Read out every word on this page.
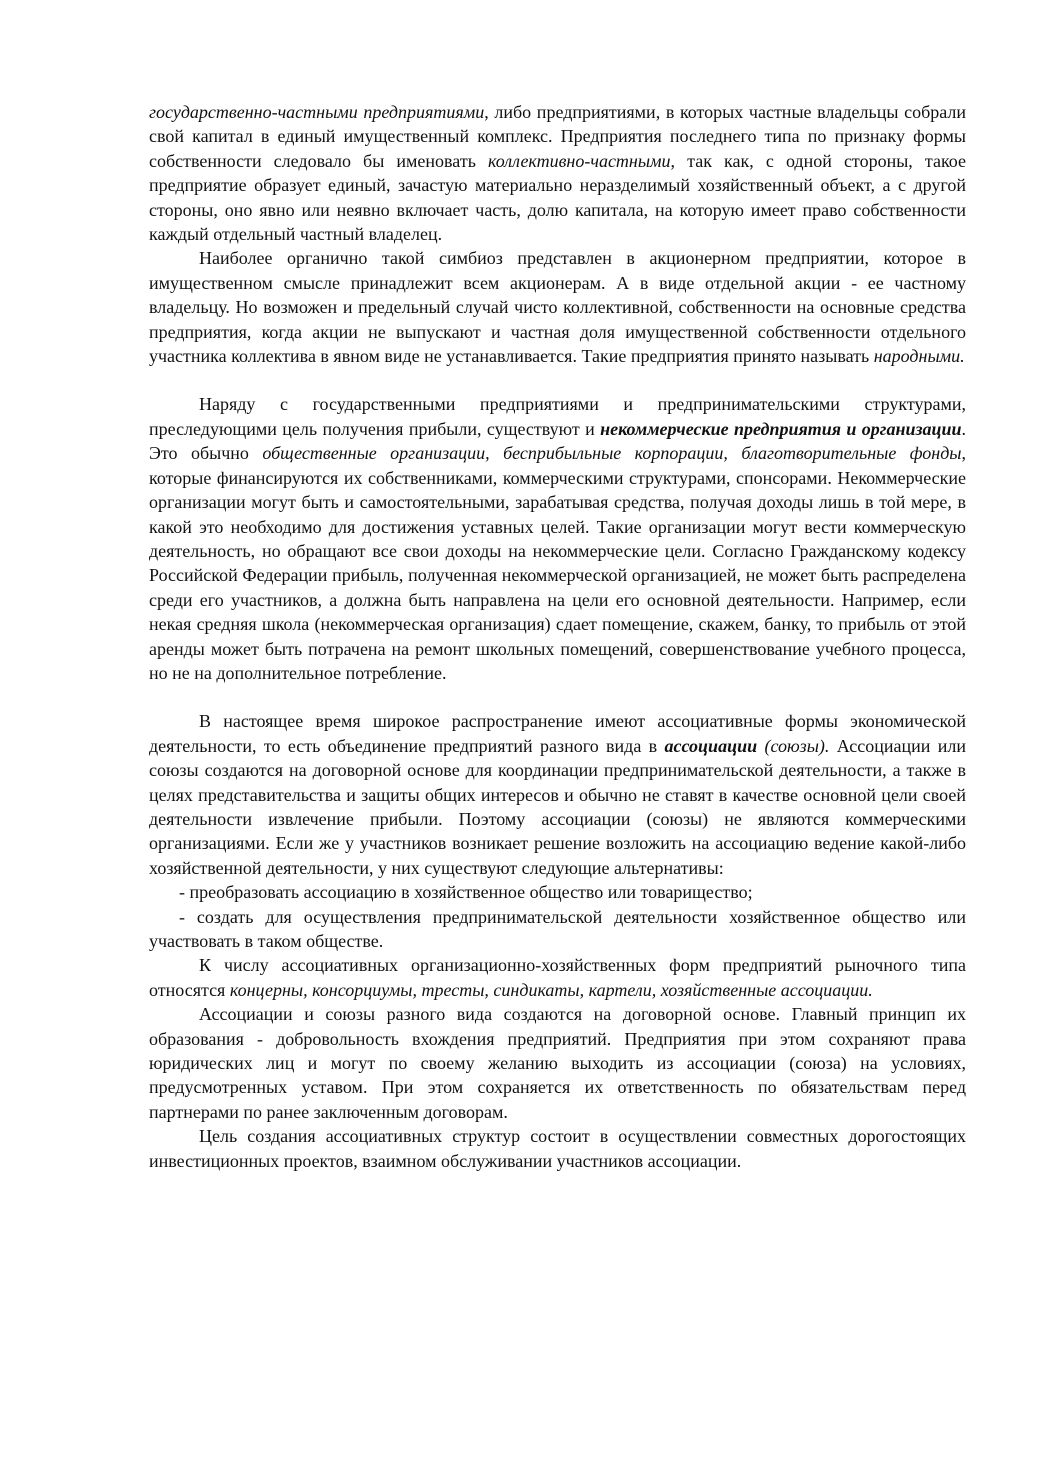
государственно-частными предприятиями, либо предприятиями, в которых частные владельцы собрали свой капитал в единый имущественный комплекс. Предприятия последнего типа по признаку формы собственности следовало бы именовать коллективно-частными, так как, с одной стороны, такое предприятие образует единый, зачастую материально неразделимый хозяйственный объект, а с другой стороны, оно явно или неявно включает часть, долю капитала, на которую имеет право собственности каждый отдельный частный владелец.

Наиболее органично такой симбиоз представлен в акционерном предприятии, которое в имущественном смысле принадлежит всем акционерам. А в виде отдельной акции - ее частному владельцу. Но возможен и предельный случай чисто коллективной, собственности на основные средства предприятия, когда акции не выпускают и частная доля имущественной собственности отдельного участника коллектива в явном виде не устанавливается. Такие предприятия принято называть народными.

Наряду с государственными предприятиями и предпринимательскими структурами, преследующими цель получения прибыли, существуют и некоммерческие предприятия и организации. Это обычно общественные организации, бесприбыльные корпорации, благотворительные фонды, которые финансируются их собственниками, коммерческими структурами, спонсорами. Некоммерческие организации могут быть и самостоятельными, зарабатывая средства, получая доходы лишь в той мере, в какой это необходимо для достижения уставных целей. Такие организации могут вести коммерческую деятельность, но обращают все свои доходы на некоммерческие цели. Согласно Гражданскому кодексу Российской Федерации прибыль, полученная некоммерческой организацией, не может быть распределена среди его участников, а должна быть направлена на цели его основной деятельности. Например, если некая средняя школа (некоммерческая организация) сдает помещение, скажем, банку, то прибыль от этой аренды может быть потрачена на ремонт школьных помещений, совершенствование учебного процесса, но не на дополнительное потребление.

В настоящее время широкое распространение имеют ассоциативные формы экономической деятельности, то есть объединение предприятий разного вида в ассоциации (союзы). Ассоциации или союзы создаются на договорной основе для координации предпринимательской деятельности, а также в целях представительства и защиты общих интересов и обычно не ставят в качестве основной цели своей деятельности извлечение прибыли. Поэтому ассоциации (союзы) не являются коммерческими организациями. Если же у участников возникает решение возложить на ассоциацию ведение какой-либо хозяйственной деятельности, у них существуют следующие альтернативы:

- преобразовать ассоциацию в хозяйственное общество или товарищество;

- создать для осуществления предпринимательской деятельности хозяйственное общество или участвовать в таком обществе.

К числу ассоциативных организационно-хозяйственных форм предприятий рыночного типа относятся концерны, консорциумы, тресты, синдикаты, картели, хозяйственные ассоциации.

Ассоциации и союзы разного вида создаются на договорной основе. Главный принцип их образования - добровольность вхождения предприятий. Предприятия при этом сохраняют права юридических лиц и могут по своему желанию выходить из ассоциации (союза) на условиях, предусмотренных уставом. При этом сохраняется их ответственность по обязательствам перед партнерами по ранее заключенным договорам.

Цель создания ассоциативных структур состоит в осуществлении совместных дорогостоящих инвестиционных проектов, взаимном обслуживании участников ассоциации.
